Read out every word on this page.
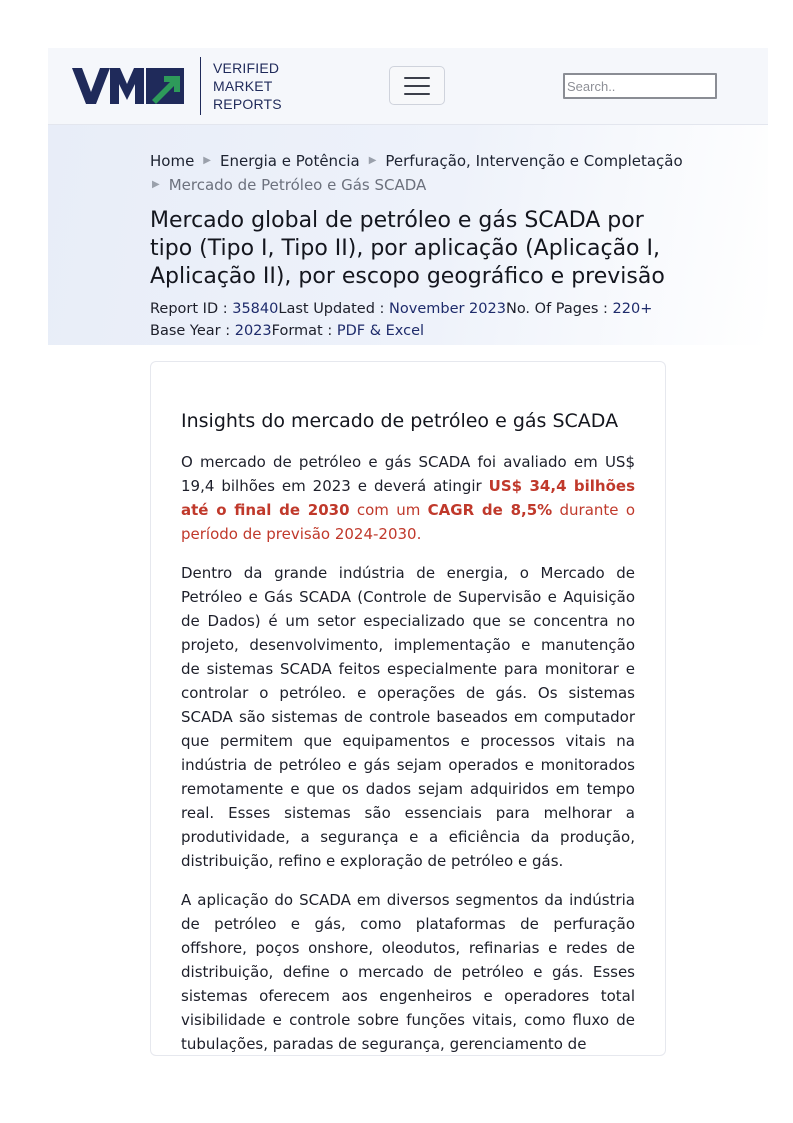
VERIFIED
MARKET
REPORTS
Search..
Home ▶ Energia e Potência ▶ Perfuração, Intervenção e Completação
▶ Mercado de Petróleo e Gás SCADA
Mercado global de petróleo e gás SCADA por tipo (Tipo I, Tipo II), por aplicação (Aplicação I, Aplicação II), por escopo geográfico e previsão
Report ID : 35840Last Updated : November 2023No. Of Pages : 220+
Base Year : 2023Format : PDF & Excel
Insights do mercado de petróleo e gás SCADA

O mercado de petróleo e gás SCADA foi avaliado em US$ 19,4 bilhões em 2023 e deverá atingir US$ 34,4 bilhões até o final de 2030 com um CAGR de 8,5% durante o período de previsão 2024-2030.

Dentro da grande indústria de energia, o Mercado de Petróleo e Gás SCADA (Controle de Supervisão e Aquisição de Dados) é um setor especializado que se concentra no projeto, desenvolvimento, implementação e manutenção de sistemas SCADA feitos especialmente para monitorar e controlar o petróleo. e operações de gás. Os sistemas SCADA são sistemas de controle baseados em computador que permitem que equipamentos e processos vitais na indústria de petróleo e gás sejam operados e monitorados remotamente e que os dados sejam adquiridos em tempo real. Esses sistemas são essenciais para melhorar a produtividade, a segurança e a eficiência da produção, distribuição, refino e exploração de petróleo e gás.

A aplicação do SCADA em diversos segmentos da indústria de petróleo e gás, como plataformas de perfuração offshore, poços onshore, oleodutos, refinarias e redes de distribuição, define o mercado de petróleo e gás. Esses sistemas oferecem aos engenheiros e operadores total visibilidade e controle sobre funções vitais, como fluxo de tubulações, paradas de segurança, gerenciamento de
